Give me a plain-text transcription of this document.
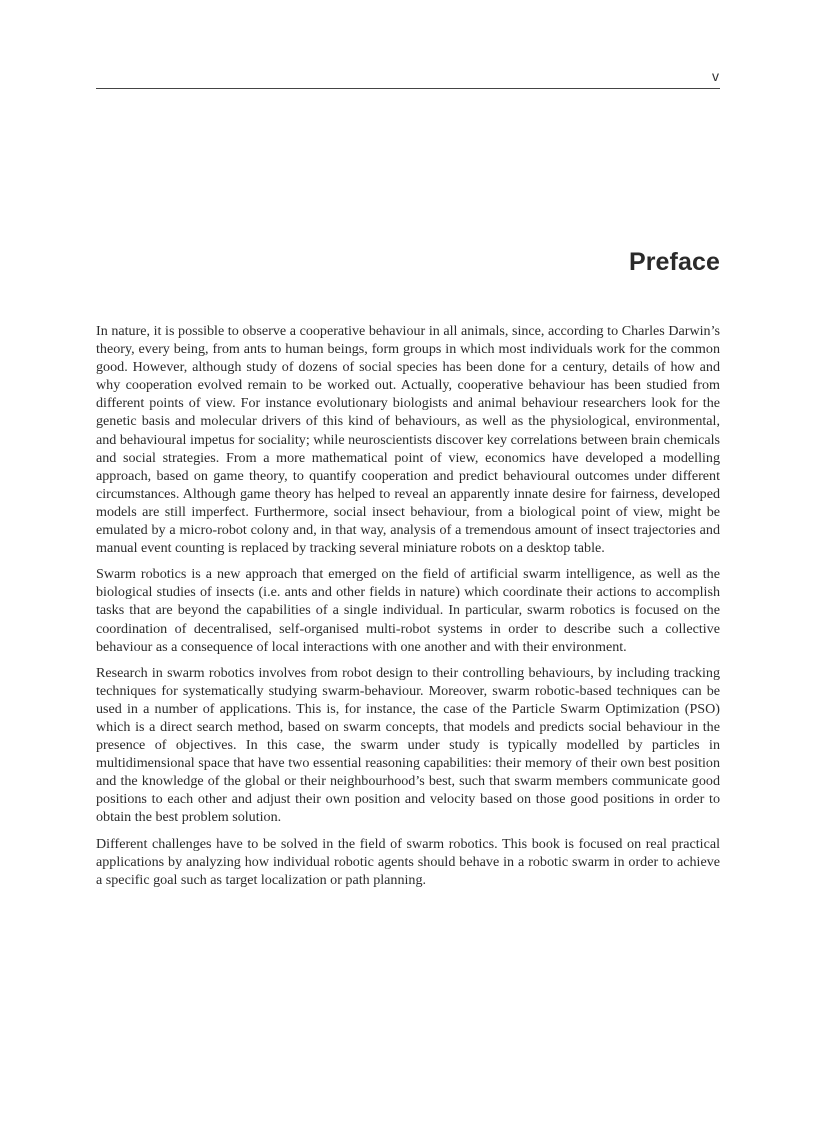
v
Preface

In nature, it is possible to observe a cooperative behaviour in all animals, since, according to Charles Darwin’s theory, every being, from ants to human beings, form groups in which most individuals work for the common good. However, although study of dozens of social species has been done for a century, details of how and why cooperation evolved remain to be worked out. Actually, cooperative behaviour has been studied from different points of view. For instance evolutionary biologists and animal behaviour researchers look for the genetic basis and molecular drivers of this kind of behaviours, as well as the physiological, environmental, and behavioural impetus for sociality; while neuroscientists discover key correlations between brain chemicals and social strategies. From a more mathematical point of view, economics have developed a modelling approach, based on game theory, to quantify cooperation and predict behavioural outcomes under different circumstances. Although game theory has helped to reveal an apparently innate desire for fairness, developed models are still imperfect. Furthermore, social insect behaviour, from a biological point of view, might be emulated by a micro-robot colony and, in that way, analysis of a tremendous amount of insect trajectories and manual event counting is replaced by tracking several miniature robots on a desktop table.

Swarm robotics is a new approach that emerged on the field of artificial swarm intelligence, as well as the biological studies of insects (i.e. ants and other fields in nature) which coordinate their actions to accomplish tasks that are beyond the capabilities of a single individual. In particular, swarm robotics is focused on the coordination of decentralised, self-organised multi-robot systems in order to describe such a collective behaviour as a consequence of local interactions with one another and with their environment.

Research in swarm robotics involves from robot design to their controlling behaviours, by including tracking techniques for systematically studying swarm-behaviour. Moreover, swarm robotic-based techniques can be used in a number of applications. This is, for instance, the case of the Particle Swarm Optimization (PSO) which is a direct search method, based on swarm concepts, that models and predicts social behaviour in the presence of objectives. In this case, the swarm under study is typically modelled by particles in multidimensional space that have two essential reasoning capabilities: their memory of their own best position and the knowledge of the global or their neighbourhood’s best, such that swarm members communicate good positions to each other and adjust their own position and velocity based on those good positions in order to obtain the best problem solution.

Different challenges have to be solved in the field of swarm robotics. This book is focused on real practical applications by analyzing how individual robotic agents should behave in a robotic swarm in order to achieve a specific goal such as target localization or path planning.
